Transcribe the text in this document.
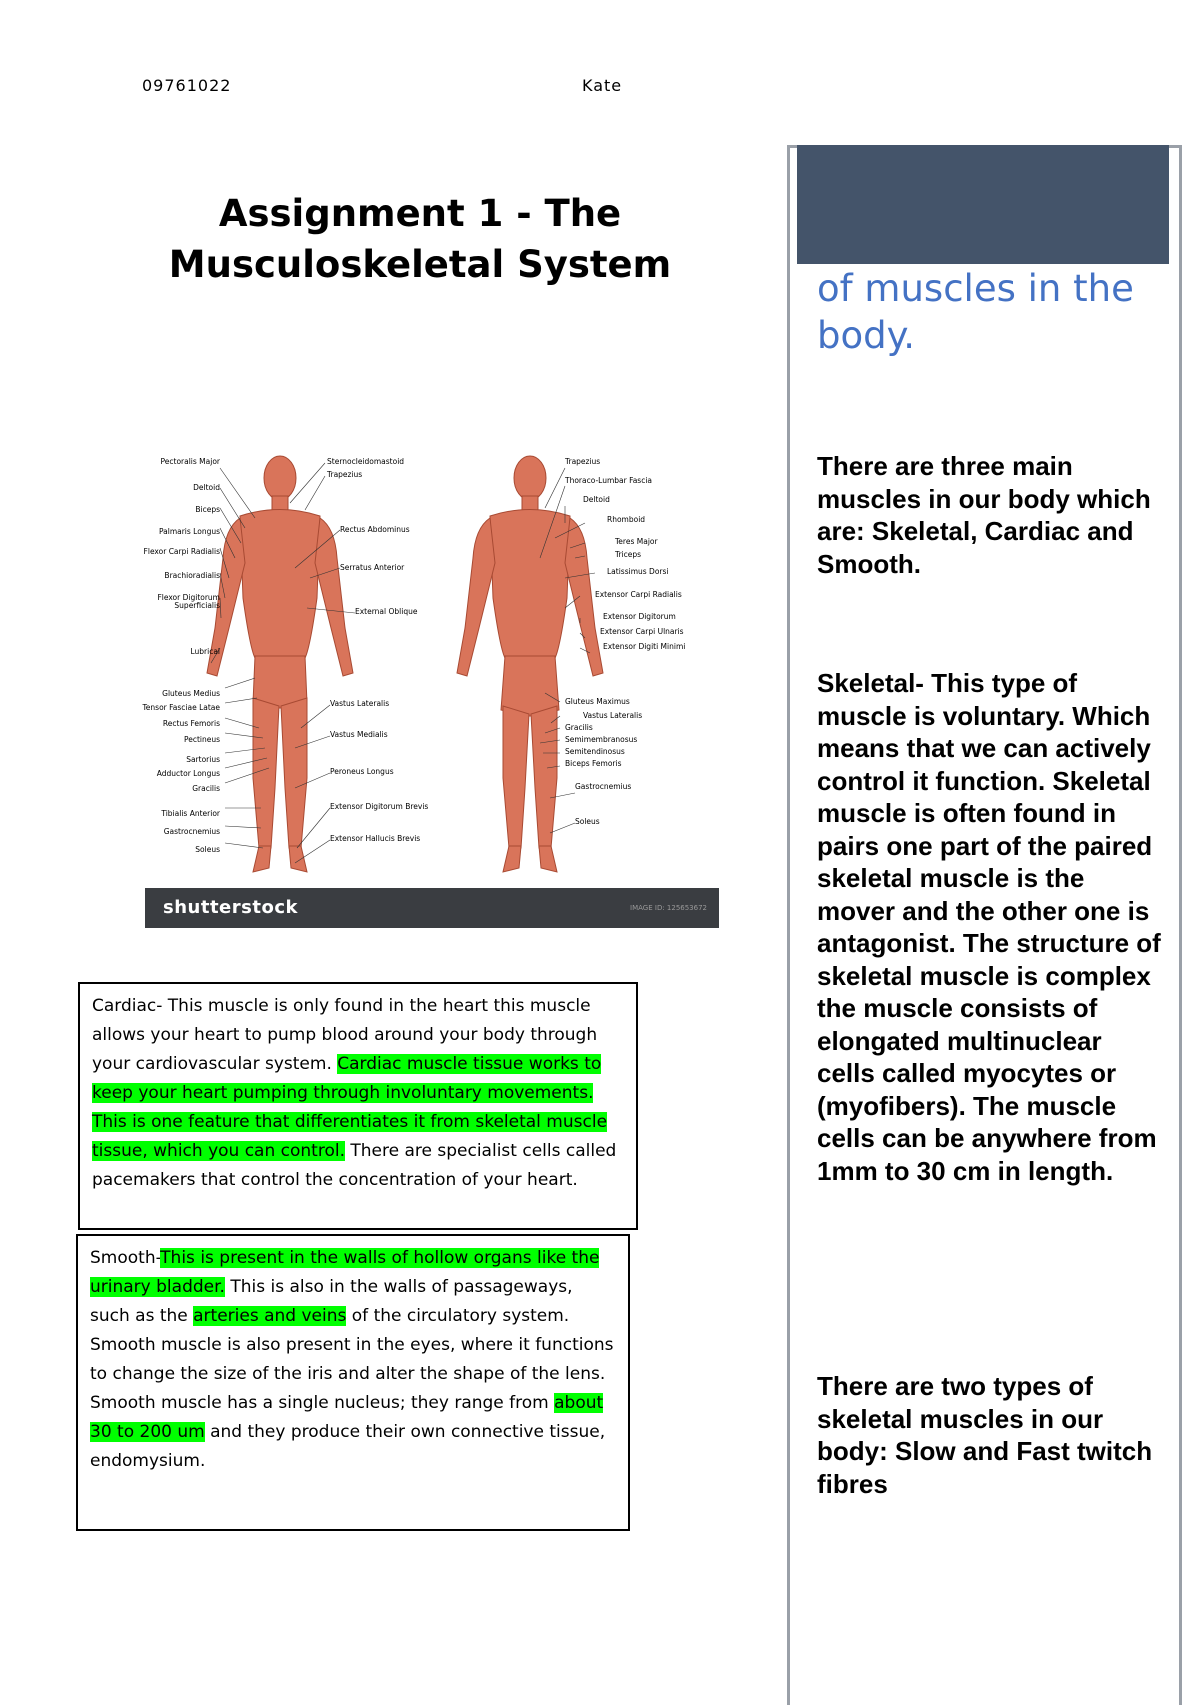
09761022	Kate
Assignment 1 - The
Musculoskeletal System
Pectoralis Major
Deltoid
Biceps
Palmaris Longus
Flexor Carpi Radialis
Brachioradialis
Flexor Digitorum Superficialis
Lubrical
Gluteus Medius
Tensor Fasciae Latae
Rectus Femoris
Pectineus
Sartorius
Adductor Longus
Gracilis
Tibialis Anterior
Gastrocnemius
Soleus
Sternocleidomastoid
Trapezius
Rectus Abdominus
Serratus Anterior
External Oblique
Vastus Lateralis
Vastus Medialis
Peroneus Longus
Extensor Digitorum Brevis
Extensor Hallucis Brevis
Trapezius
Thoraco-Lumbar Fascia
Deltoid
Rhomboid
Teres Major
Triceps
Latissimus Dorsi
Extensor Carpi Radialis
Extensor Digitorum
Extensor Carpi Ulnaris
Extensor Digiti Minimi
Gluteus Maximus
Vastus Lateralis
Gracilis
Semimembranosus
Semitendinosus
Biceps Femoris
Gastrocnemius
Soleus
shutterstock	IMAGE ID: 125653672
Cardiac- This muscle is only found in the heart this muscle allows your heart to pump blood around your body through your cardiovascular system. Cardiac muscle tissue works to keep your heart pumping through involuntary movements. This is one feature that differentiates it from skeletal muscle tissue, which you can control. There are specialist cells called pacemakers that control the concentration of your heart.
Smooth-This is present in the walls of hollow organs like the urinary bladder. This is also in the walls of passageways, such as the arteries and veins of the circulatory system. Smooth muscle is also present in the eyes, where it functions to change the size of the iris and alter the shape of the lens. Smooth muscle has a single nucleus; they range from about 30 to 200 um and they produce their own connective tissue, endomysium.
of muscles in the body.
There are three main muscles in our body which are: Skeletal, Cardiac and Smooth.
Skeletal- This type of muscle is voluntary. Which means that we can actively control it function. Skeletal muscle is often found in pairs one part of the paired skeletal muscle is the mover and the other one is antagonist. The structure of skeletal muscle is complex the muscle consists of elongated multinuclear cells called myocytes or (myofibers). The muscle cells can be anywhere from 1mm to 30 cm in length.
There are two types of skeletal muscles in our body: Slow and Fast twitch fibres
